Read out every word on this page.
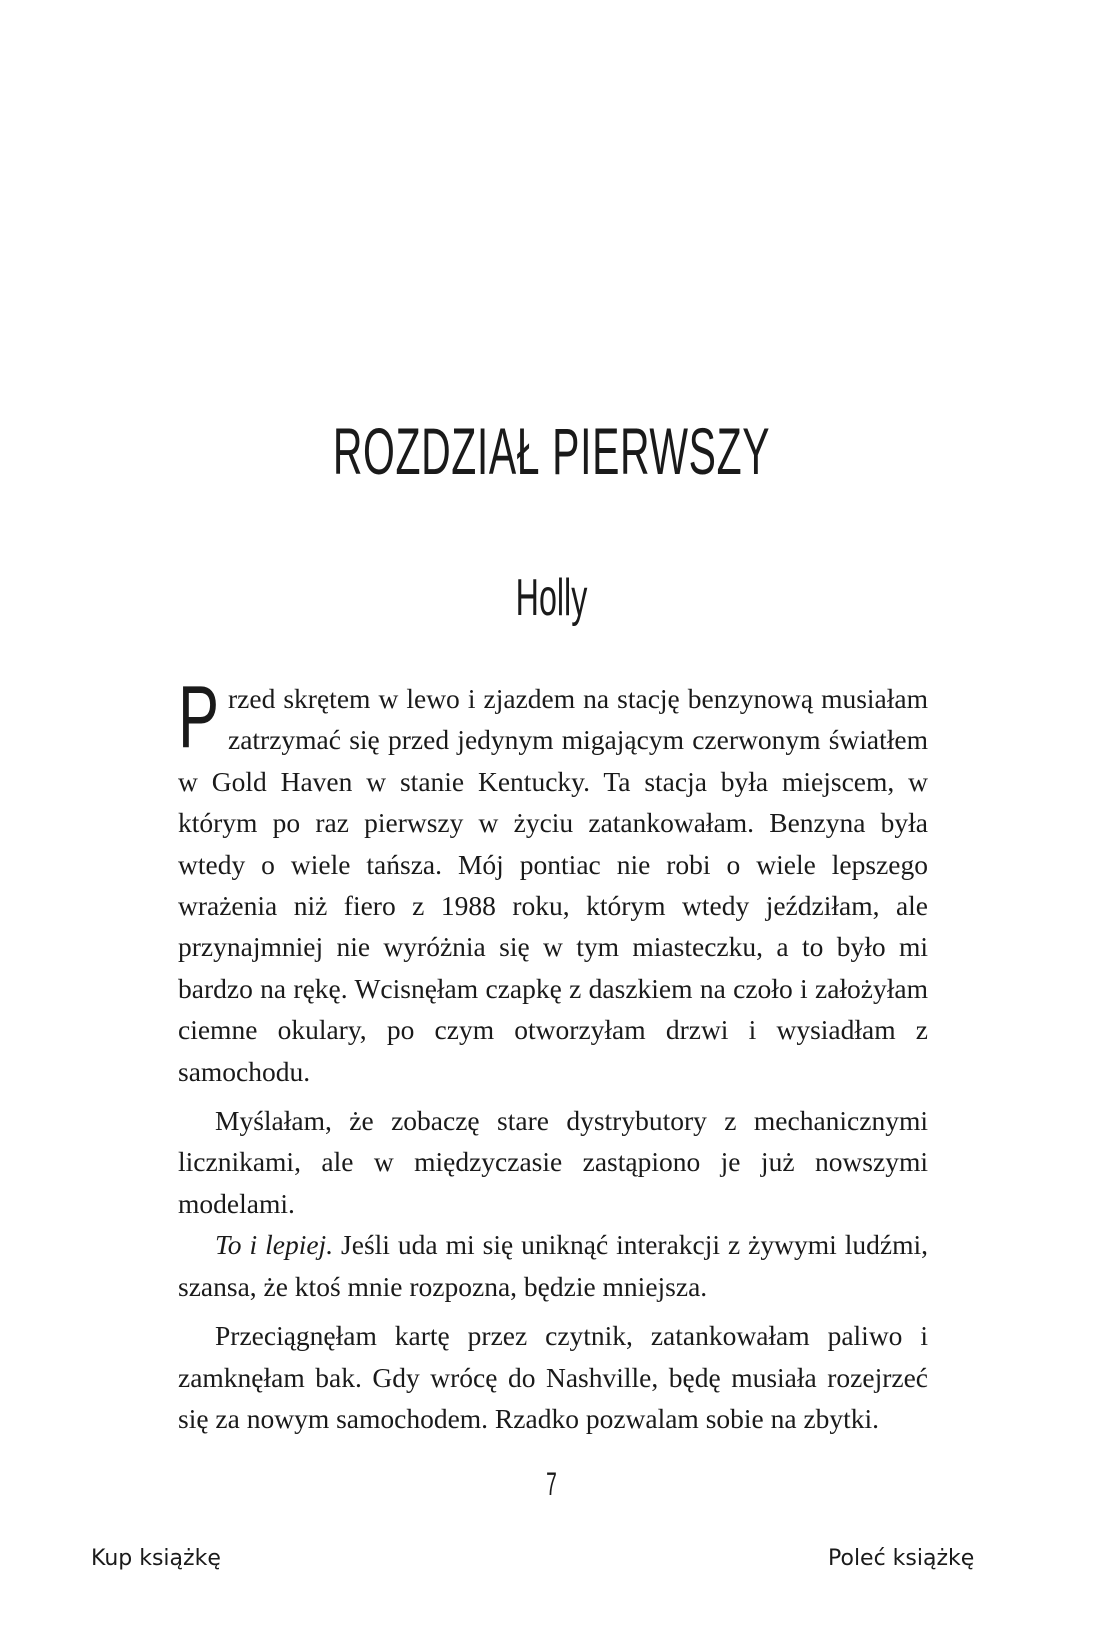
ROZDZIAŁ PIERWSZY
Holly

Przed skrętem w lewo i zjazdem na stację benzynową musiałam zatrzymać się przed jedynym migającym czerwonym światłem w Gold Haven w stanie Kentucky. Ta stacja była miejscem, w którym po raz pierwszy w życiu zatankowałam. Benzyna była wtedy o wiele tańsza. Mój pontiac nie robi o wiele lepszego wrażenia niż fiero z 1988 roku, którym wtedy jeździłam, ale przynajmniej nie wyróżnia się w tym miasteczku, a to było mi bardzo na rękę. Wcisnęłam czapkę z daszkiem na czoło i założyłam ciemne okulary, po czym otworzyłam drzwi i wysiadłam z samochodu.

Myślałam, że zobaczę stare dystrybutory z mechanicznymi licznikami, ale w międzyczasie zastąpiono je już nowszymi modelami.

To i lepiej. Jeśli uda mi się uniknąć interakcji z żywymi ludźmi, szansa, że ktoś mnie rozpozna, będzie mniejsza.

Przeciągnęłam kartę przez czytnik, zatankowałam paliwo i zamknęłam bak. Gdy wrócę do Nashville, będę musiała rozejrzeć się za nowym samochodem. Rzadko pozwalam sobie na zbytki.

7
Kup książkę	Poleć książkę
